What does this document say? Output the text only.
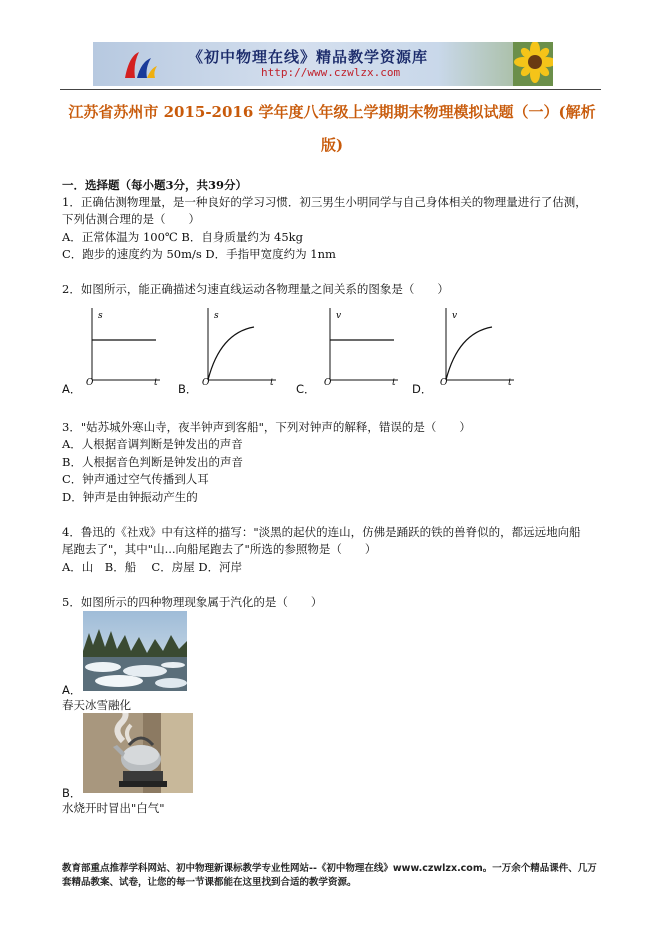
《初中物理在线》精品教学资源库
http://www.czwlzx.com
江苏省苏州市 2015-2016 学年度八年级上学期期末物理模拟试题（一）(解析
版)
一．选择题（每小题3分，共39分）
1．正确估测物理量，是一种良好的学习习惯．初三男生小明同学与自己身体相关的物理量进行了估测，
下列估测合理的是（　　）
A．正常体温为 100℃ B．自身质量约为 45kg
C．跑步的速度约为 50m/s D．手指甲宽度约为 1nm
2．如图所示，能正确描述匀速直线运动各物理量之间关系的图象是（　　）
A．
s
t
O	B．
s
t
O	C．
v
t
O	D．
v
t
O
3．"姑苏城外寒山寺，夜半钟声到客船"，下列对钟声的解释，错误的是（　　）
A．人根据音调判断是钟发出的声音
B．人根据音色判断是钟发出的声音
C．钟声通过空气传播到人耳
D．钟声是由钟振动产生的
4．鲁迅的《社戏》中有这样的描写："淡黑的起伏的连山，仿佛是踊跃的铁的兽脊似的，都远远地向船
尾跑去了"，其中"山...向船尾跑去了"所选的参照物是（　　）
A．山　B．船　 C．房屋 D．河岸
5．如图所示的四种物理现象属于汽化的是（　　）
A．
春天冰雪融化
B．
水烧开时冒出"白气"
教育部重点推荐学科网站、初中物理新课标教学专业性网站--《初中物理在线》www.czwlzx.com。一万余个精品课件、几万套精品教案、试卷，让您的每一节课都能在这里找到合适的教学资源。
